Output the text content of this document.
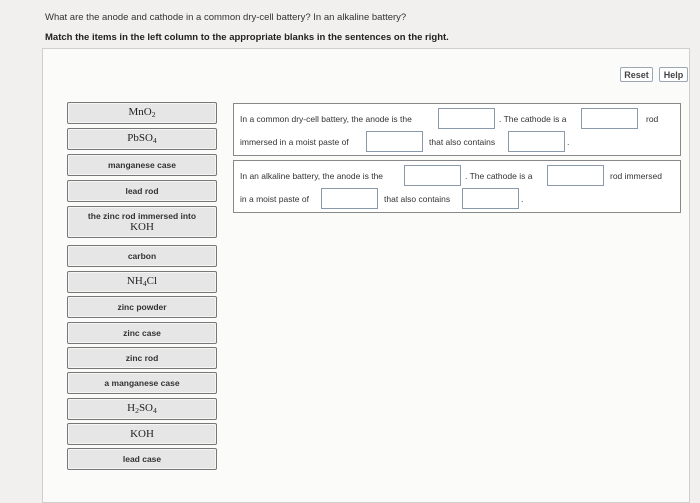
What are the anode and cathode in a common dry-cell battery? In an alkaline battery?
Match the items in the left column to the appropriate blanks in the sentences on the right.
Reset	Help
MnO$_2$
PbSO$_4$
manganese case
lead rod
the zinc rod immersed into
KOH
carbon
$NH_4Cl$
zinc powder
zinc case
zinc rod
a manganese case
$H_2SO_4$
KOH
lead case
In a common dry-cell battery, the anode is the	. The cathode is a	rod
immersed in a moist paste of	that also contains	.
In an alkaline battery, the anode is the	. The cathode is a	rod immersed
in a moist paste of	that also contains	.
